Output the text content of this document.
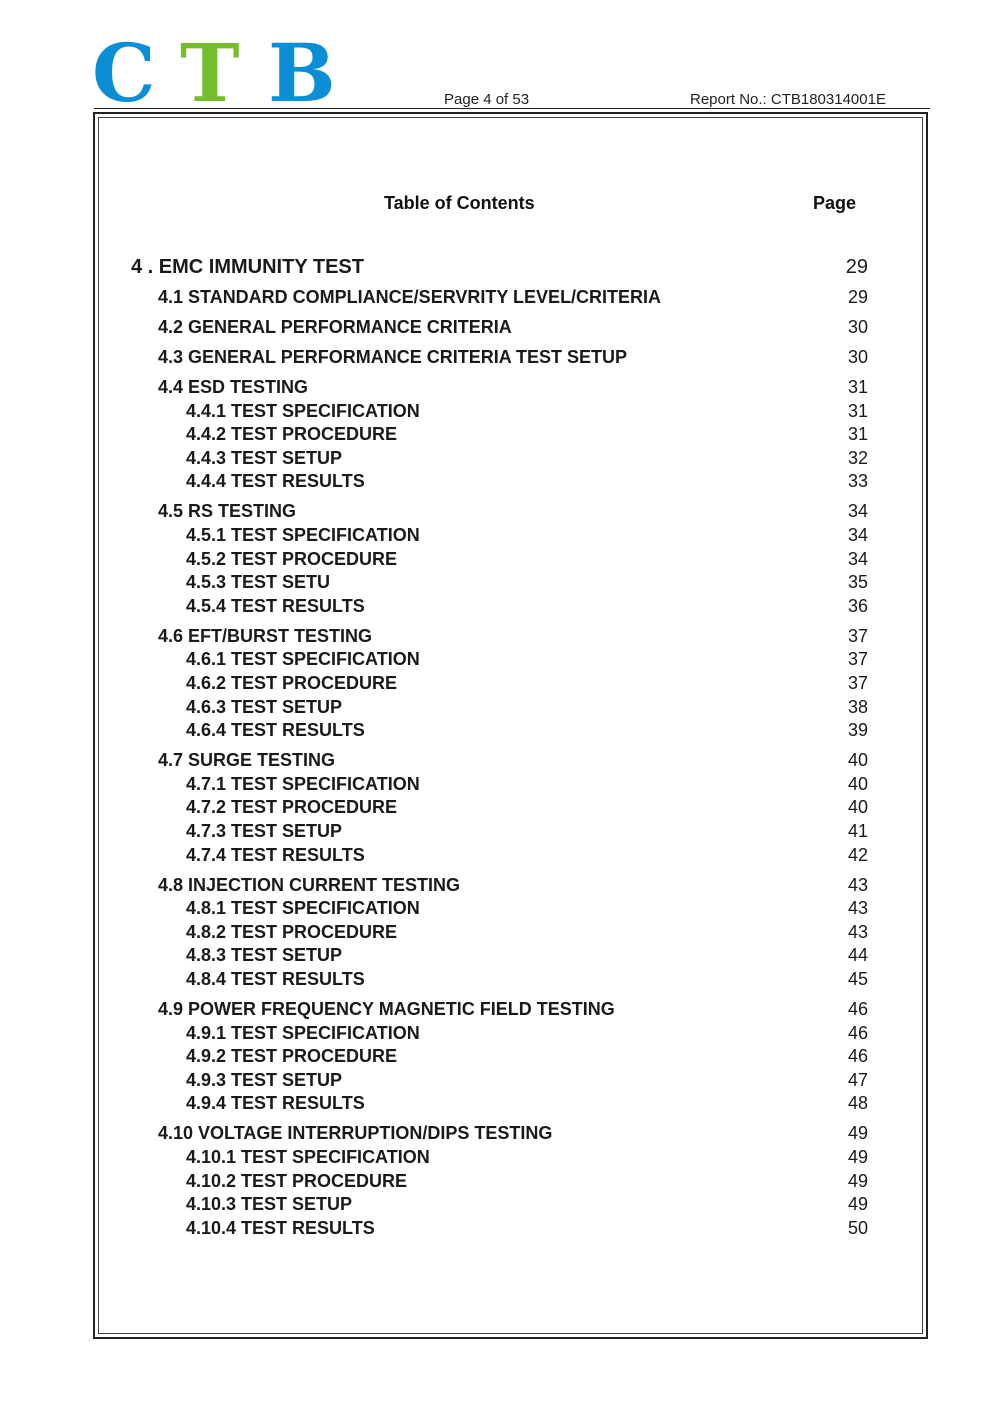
C T B	Page 4 of 53	Report No.: CTB180314001E
Table of Contents	Page
4 . EMC IMMUNITY TEST	29
4.1 STANDARD COMPLIANCE/SERVRITY LEVEL/CRITERIA	29
4.2 GENERAL PERFORMANCE CRITERIA	30
4.3 GENERAL PERFORMANCE CRITERIA TEST SETUP	30
4.4 ESD TESTING	31
4.4.1 TEST SPECIFICATION	31
4.4.2 TEST PROCEDURE	31
4.4.3 TEST SETUP	32
4.4.4 TEST RESULTS	33
4.5 RS TESTING	34
4.5.1 TEST SPECIFICATION	34
4.5.2 TEST PROCEDURE	34
4.5.3 TEST SETU	35
4.5.4 TEST RESULTS	36
4.6 EFT/BURST TESTING	37
4.6.1 TEST SPECIFICATION	37
4.6.2 TEST PROCEDURE	37
4.6.3 TEST SETUP	38
4.6.4 TEST RESULTS	39
4.7 SURGE TESTING	40
4.7.1 TEST SPECIFICATION	40
4.7.2 TEST PROCEDURE	40
4.7.3 TEST SETUP	41
4.7.4 TEST RESULTS	42
4.8 INJECTION CURRENT TESTING	43
4.8.1 TEST SPECIFICATION	43
4.8.2 TEST PROCEDURE	43
4.8.3 TEST SETUP	44
4.8.4 TEST RESULTS	45
4.9 POWER FREQUENCY MAGNETIC FIELD TESTING	46
4.9.1 TEST SPECIFICATION	46
4.9.2 TEST PROCEDURE	46
4.9.3 TEST SETUP	47
4.9.4 TEST RESULTS	48
4.10 VOLTAGE INTERRUPTION/DIPS TESTING	49
4.10.1 TEST SPECIFICATION	49
4.10.2 TEST PROCEDURE	49
4.10.3 TEST SETUP	49
4.10.4 TEST RESULTS	50
